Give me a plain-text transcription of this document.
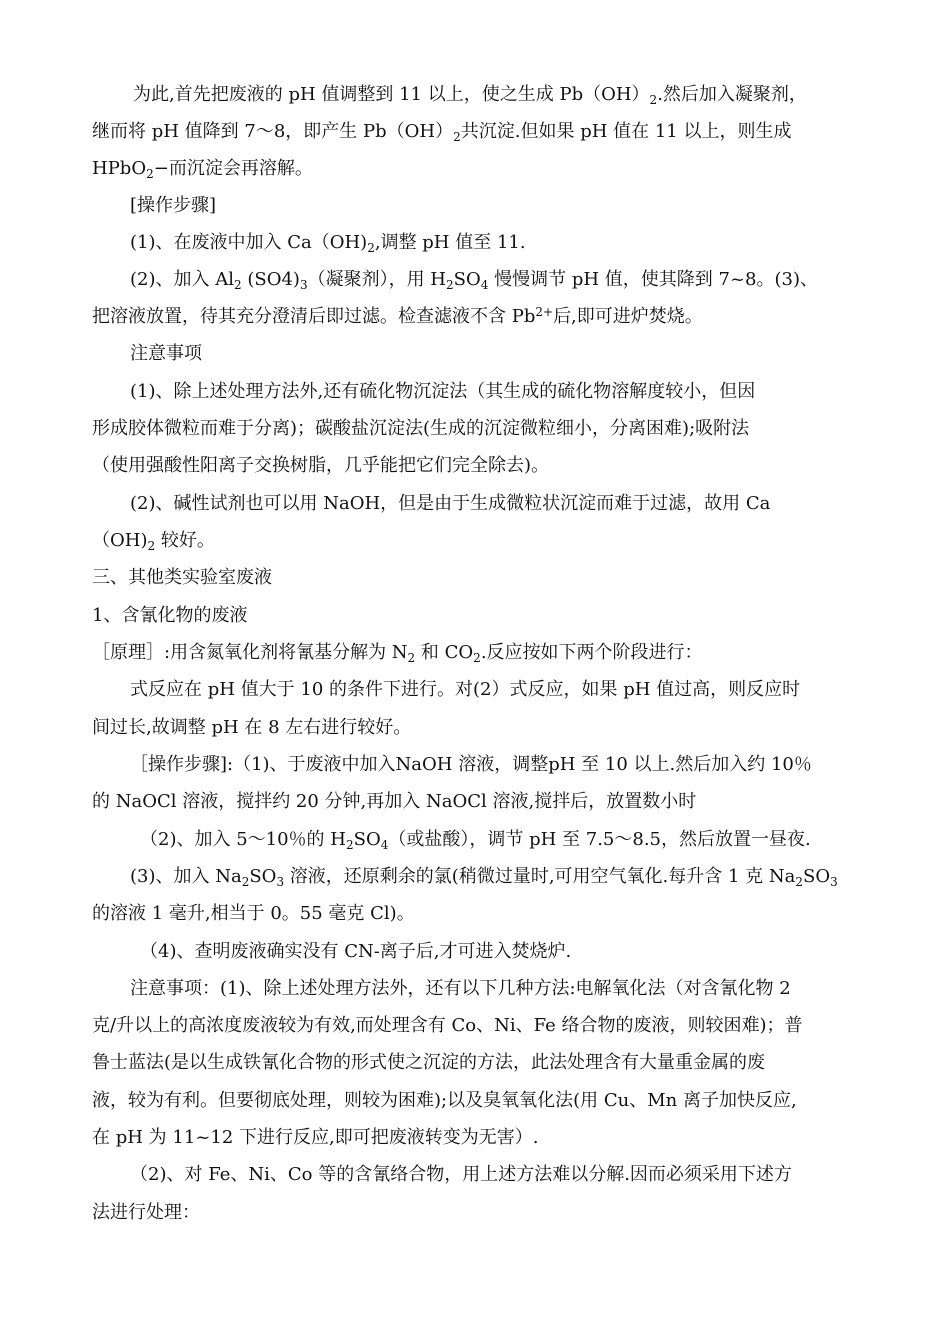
为此,首先把废液的 pH 值调整到 11 以上，使之生成 $Pb(OH)_2$.然后加入凝聚剂，
继而将 pH 值降到 7～8，即产生 $Pb(OH)_2$共沉淀.但如果 pH 值在 11 以上，则生成
HPbO$_2$−而沉淀会再溶解。
[操作步骤]
(1)、在废液中加入 $Ca(OH)_2$,调整 pH 值至 11.
(2)、加入 $Al_2$ $(SO4)_3$（凝聚剂），用 $H_2SO_4$ 慢慢调节 pH 值，使其降到 7~8。(3)、
把溶液放置，待其充分澄清后即过滤。检查滤液不含 $Pb^{2+}$后,即可进炉焚烧。
注意事项
(1)、除上述处理方法外,还有硫化物沉淀法（其生成的硫化物溶解度较小，但因
形成胶体微粒而难于分离)；碳酸盐沉淀法(生成的沉淀微粒细小，分离困难);吸附法
（使用强酸性阳离子交换树脂，几乎能把它们完全除去)。
(2)、碱性试剂也可以用 NaOH，但是由于生成微粒状沉淀而难于过滤，故用 Ca
$(OH)_2$ 较好。
三、其他类实验室废液
1、含氰化物的废液
［原理］:用含氮氧化剂将氰基分解为 $N_2$ 和 $CO_2$.反应按如下两个阶段进行：
式反应在 pH 值大于 10 的条件下进行。对(2）式反应，如果 pH 值过高，则反应时
间过长,故调整 pH 在 8 左右进行较好。
［操作步骤]:（1)、于废液中加入NaOH 溶液，调整pH 至 10 以上.然后加入约 10％
的 NaOCl 溶液，搅拌约 20 分钟,再加入 NaOCl 溶液,搅拌后，放置数小时
（2)、加入 5～10％的 $H_2SO_4$（或盐酸），调节 pH 至 7.5～8.5，然后放置一昼夜.
(3)、加入 $Na_2SO_3$ 溶液，还原剩余的氯(稍微过量时,可用空气氧化.每升含 1 克 $Na_2SO_3$
的溶液 1 毫升,相当于 0。55 毫克 Cl)。
（4)、查明废液确实没有 CN-离子后,才可进入焚烧炉.
注意事项：(1)、除上述处理方法外，还有以下几种方法:电解氧化法（对含氰化物 2
克/升以上的高浓度废液较为有效,而处理含有 Co、Ni、Fe 络合物的废液，则较困难)；普
鲁士蓝法(是以生成铁氰化合物的形式使之沉淀的方法，此法处理含有大量重金属的废
液，较为有利。但要彻底处理，则较为困难);以及臭氧氧化法(用 Cu、Mn 离子加快反应,
在 pH 为 11~12 下进行反应,即可把废液转变为无害）.
（2)、对 Fe、Ni、Co 等的含氰络合物，用上述方法难以分解.因而必须采用下述方
法进行处理：
